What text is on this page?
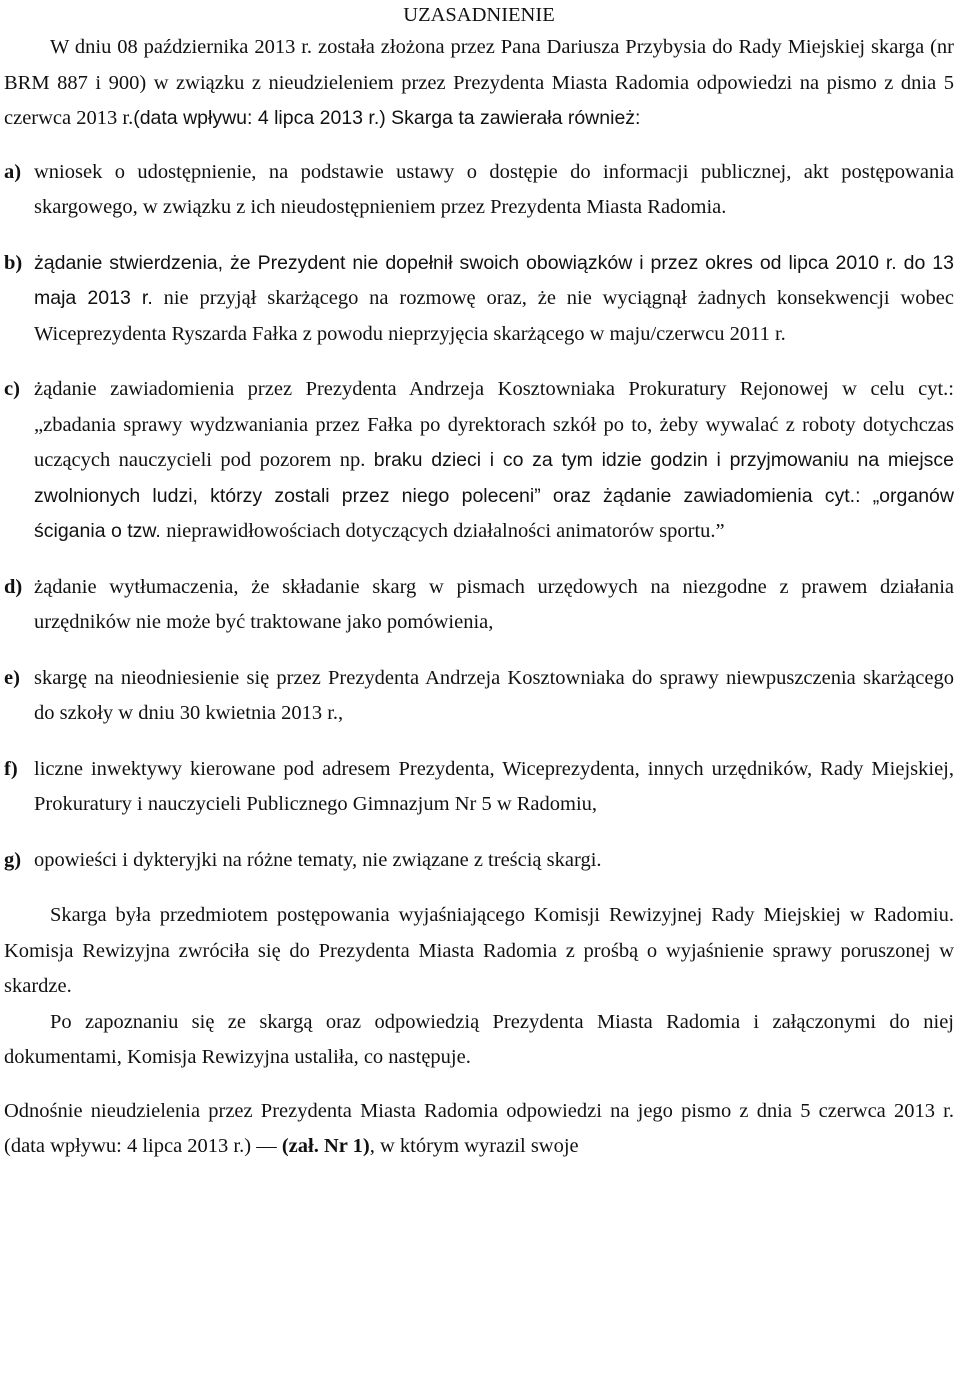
UZASADNIENIE

W dniu 08 października 2013 r. została złożona przez Pana Dariusza Przybysia do Rady Miejskiej skarga (nr BRM 887 i 900) w związku z nieudzieleniem przez Prezydenta Miasta Radomia odpowiedzi na pismo z dnia 5 czerwca 2013 r.(data wpływu: 4 lipca 2013 r.) Skarga ta zawierała również:

a) wniosek o udostępnienie, na podstawie ustawy o dostępie do informacji publicznej, akt postępowania skargowego, w związku z ich nieudostępnieniem przez Prezydenta Miasta Radomia.
b) żądanie stwierdzenia, że Prezydent nie dopełnił swoich obowiązków i przez okres od lipca 2010 r. do 13 maja 2013 r. nie przyjął skarżącego na rozmowę oraz, że nie wyciągnął żadnych konsekwencji wobec Wiceprezydenta Ryszarda Fałka z powodu nieprzyjęcia skarżącego w maju/czerwcu 2011 r.
c) żądanie zawiadomienia przez Prezydenta Andrzeja Kosztowniaka Prokuratury Rejonowej w celu cyt.: „zbadania sprawy wydzwaniania przez Fałka po dyrektorach szkół po to, żeby wywalać z roboty dotychczas uczących nauczycieli pod pozorem np. braku dzieci i co za tym idzie godzin i przyjmowaniu na miejsce zwolnionych ludzi, którzy zostali przez niego poleceni” oraz żądanie zawiadomienia cyt.: „organów ścigania o tzw. nieprawidłowościach dotyczących działalności animatorów sportu.”
d) żądanie wytłumaczenia, że składanie skarg w pismach urzędowych na niezgodne z prawem działania urzędników nie może być traktowane jako pomówienia,
e) skargę na nieodniesienie się przez Prezydenta Andrzeja Kosztowniaka do sprawy niewpuszczenia skarżącego do szkoły w dniu 30 kwietnia 2013 r.,
f) liczne inwektywy kierowane pod adresem Prezydenta, Wiceprezydenta, innych urzędników, Rady Miejskiej, Prokuratury i nauczycieli Publicznego Gimnazjum Nr 5 w Radomiu,
g) opowieści i dykteryjki na różne tematy, nie związane z treścią skargi.

Skarga była przedmiotem postępowania wyjaśniającego Komisji Rewizyjnej Rady Miejskiej w Radomiu. Komisja Rewizyjna zwróciła się do Prezydenta Miasta Radomia z prośbą o wyjaśnienie sprawy poruszonej w skardze.

Po zapoznaniu się ze skargą oraz odpowiedzią Prezydenta Miasta Radomia i załączonymi do niej dokumentami, Komisja Rewizyjna ustaliła, co następuje.

Odnośnie nieudzielenia przez Prezydenta Miasta Radomia odpowiedzi na jego pismo z dnia 5 czerwca 2013 r. (data wpływu: 4 lipca 2013 r.) — (zał. Nr 1), w którym wyrazil swoje
